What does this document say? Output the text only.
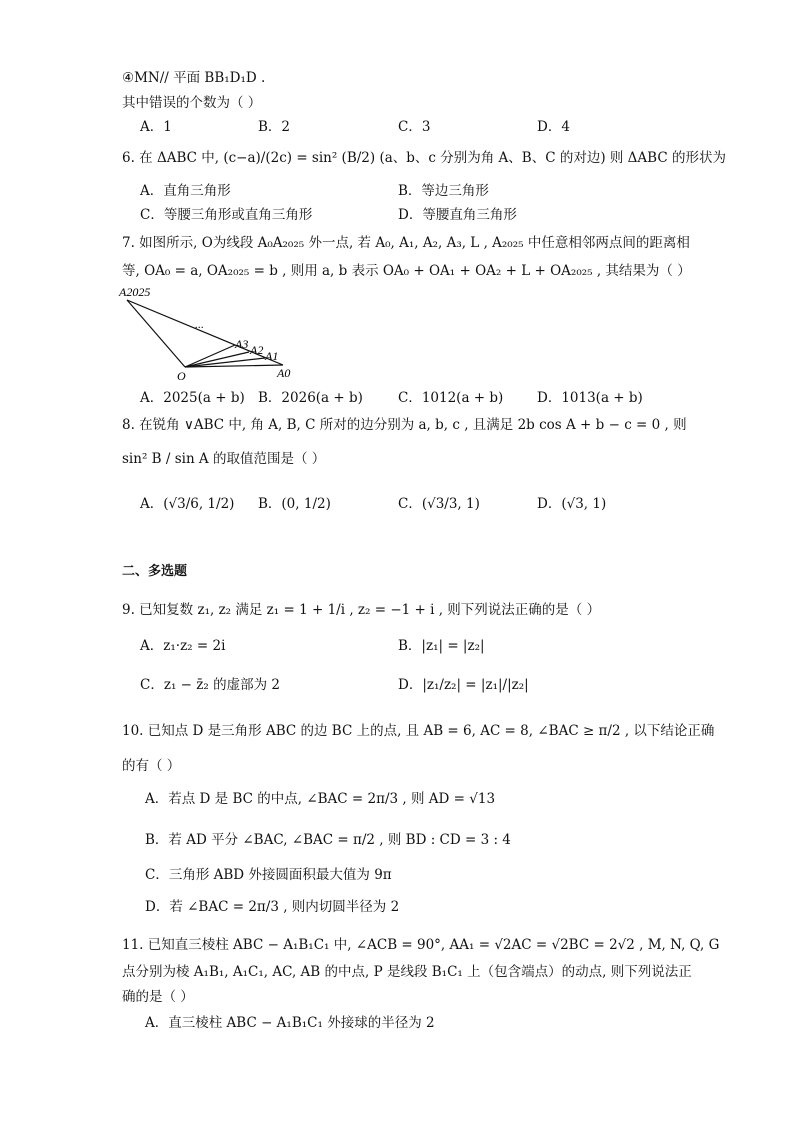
④MN// 平面 BB₁D₁D .
其中错误的个数为（ ）
A．1	B．2	C．3	D．4
6. 在 ΔABC 中, (c−a)/(2c) = sin² (B/2) (a、b、c 分别为角 A、B、C 的对边) 则 ΔABC 的形状为
A．直角三角形	B．等边三角形
C．等腰三角形或直角三角形	D．等腰直角三角形
7. 如图所示, O为线段 A₀A₂₀₂₅ 外一点, 若 A₀, A₁, A₂, A₃, L , A₂₀₂₅ 中任意相邻两点间的距离相
等, OA₀ = a, OA₂₀₂₅ = b , 则用 a, b 表示 OA₀ + OA₁ + OA₂ + L + OA₂₀₂₅ , 其结果为（ ）
A2025
...
A3 A2 A1
A0
O
A．2025(a + b) B．2026(a + b)	C．1012(a + b) D．1013(a + b)
8. 在锐角 ∨ABC 中, 角 A, B, C 所对的边分别为 a, b, c , 且满足 2b cos A + b − c = 0 , 则
sin² B / sin A 的取值范围是（ ）
A．(√3/6, 1/2) B．(0, 1/2)	C．(√3/3, 1)	D．(√3, 1)
二、多选题
9. 已知复数 z₁, z₂ 满足 z₁ = 1 + 1/i , z₂ = −1 + i , 则下列说法正确的是（ ）
A．z₁·z₂ = 2i	B．|z₁| = |z₂|
C．z₁ − z̄₂ 的虚部为 2	D．|z₁/z₂| = |z₁|/|z₂|
10. 已知点 D 是三角形 ABC 的边 BC 上的点, 且 AB = 6, AC = 8, ∠BAC ≥ π/2 , 以下结论正确
的有（ ）
A．若点 D 是 BC 的中点, ∠BAC = 2π/3 , 则 AD = √13
B．若 AD 平分 ∠BAC, ∠BAC = π/2 , 则 BD : CD = 3 : 4
C．三角形 ABD 外接圆面积最大值为 9π
D．若 ∠BAC = 2π/3 , 则内切圆半径为 2
11. 已知直三棱柱 ABC − A₁B₁C₁ 中, ∠ACB = 90°, AA₁ = √2AC = √2BC = 2√2 , M, N, Q, G
点分别为棱 A₁B₁, A₁C₁, AC, AB 的中点, P 是线段 B₁C₁ 上（包含端点）的动点, 则下列说法正
确的是（ ）
A．直三棱柱 ABC − A₁B₁C₁ 外接球的半径为 2
